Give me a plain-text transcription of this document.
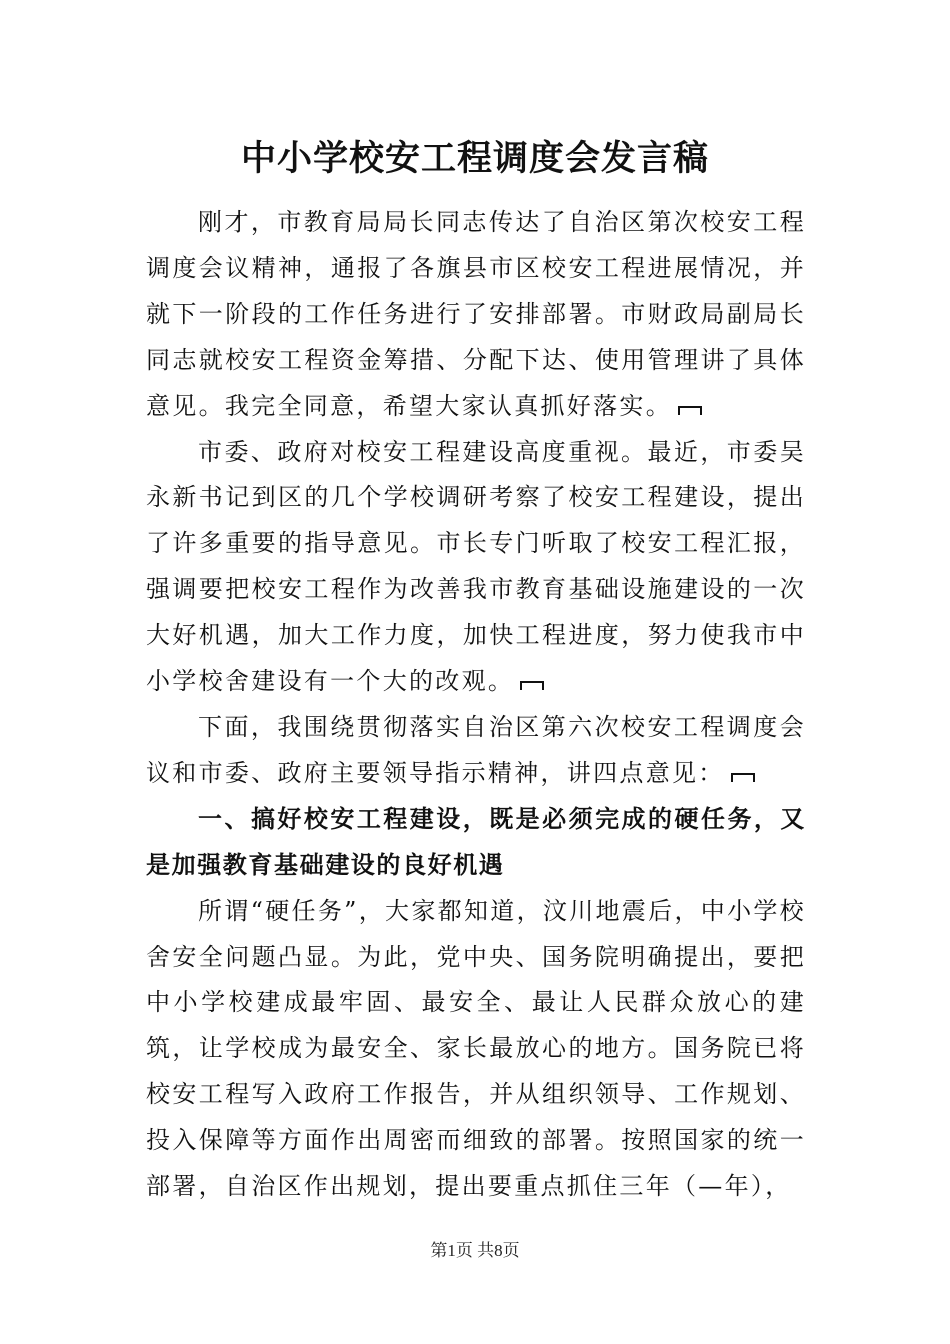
中小学校安工程调度会发言稿

刚才，市教育局局长同志传达了自治区第次校安工程调度会议精神，通报了各旗县市区校安工程进展情况，并就下一阶段的工作任务进行了安排部署。市财政局副局长同志就校安工程资金筹措、分配下达、使用管理讲了具体意见。我完全同意，希望大家认真抓好落实。

市委、政府对校安工程建设高度重视。最近，市委吴永新书记到区的几个学校调研考察了校安工程建设，提出了许多重要的指导意见。市长专门听取了校安工程汇报，强调要把校安工程作为改善我市教育基础设施建设的一次大好机遇，加大工作力度，加快工程进度，努力使我市中小学校舍建设有一个大的改观。

下面，我围绕贯彻落实自治区第六次校安工程调度会议和市委、政府主要领导指示精神，讲四点意见：

一、搞好校安工程建设，既是必须完成的硬任务，又是加强教育基础建设的良好机遇

所谓“硬任务”，大家都知道，汶川地震后，中小学校舍安全问题凸显。为此，党中央、国务院明确提出，要把中小学校建成最牢固、最安全、最让人民群众放心的建筑，让学校成为最安全、家长最放心的地方。国务院已将校安工程写入政府工作报告，并从组织领导、工作规划、投入保障等方面作出周密而细致的部署。按照国家的统一部署，自治区作出规划，提出要重点抓住三年（—年），

第1页 共8页
